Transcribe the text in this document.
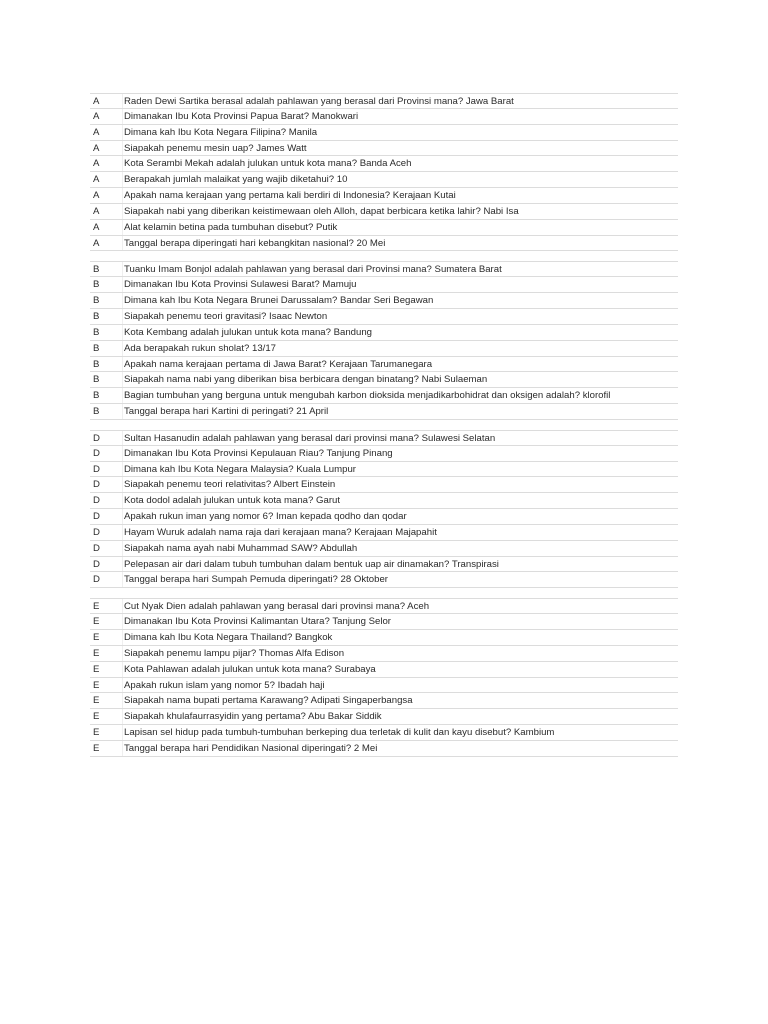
A	Raden Dewi Sartika berasal adalah pahlawan yang berasal dari Provinsi mana? Jawa Barat
A	Dimanakan Ibu Kota Provinsi Papua Barat? Manokwari
A	Dimana kah Ibu Kota Negara Filipina? Manila
A	Siapakah penemu mesin uap? James Watt
A	Kota Serambi Mekah adalah julukan untuk kota mana? Banda Aceh
A	Berapakah jumlah malaikat yang wajib diketahui? 10
A	Apakah nama kerajaan yang pertama kali berdiri di Indonesia? Kerajaan Kutai
A	Siapakah nabi yang diberikan keistimewaan oleh Alloh, dapat berbicara ketika lahir? Nabi Isa
A	Alat kelamin betina pada tumbuhan disebut? Putik
A	Tanggal berapa diperingati hari kebangkitan nasional? 20 Mei
B	Tuanku Imam Bonjol adalah pahlawan yang berasal dari Provinsi mana? Sumatera Barat
B	Dimanakan Ibu Kota Provinsi Sulawesi Barat? Mamuju
B	Dimana kah Ibu Kota Negara Brunei Darussalam? Bandar Seri Begawan
B	Siapakah penemu teori gravitasi? Isaac Newton
B	Kota Kembang adalah julukan untuk kota mana? Bandung
B	Ada berapakah rukun sholat? 13/17
B	Apakah nama kerajaan pertama di Jawa Barat? Kerajaan Tarumanegara
B	Siapakah nama nabi yang diberikan bisa berbicara dengan binatang? Nabi Sulaeman
B	Bagian tumbuhan yang berguna untuk mengubah karbon dioksida menjadikarbohidrat dan oksigen adalah? klorofil
B	Tanggal berapa hari Kartini di peringati? 21 April
D	Sultan Hasanudin adalah pahlawan yang berasal dari provinsi mana? Sulawesi Selatan
D	Dimanakan Ibu Kota Provinsi Kepulauan Riau? Tanjung Pinang
D	Dimana kah Ibu Kota Negara Malaysia? Kuala Lumpur
D	Siapakah penemu teori relativitas? Albert Einstein
D	Kota dodol adalah julukan untuk kota mana? Garut
D	Apakah rukun iman yang nomor 6? Iman kepada qodho dan qodar
D	Hayam Wuruk adalah nama raja dari kerajaan mana? Kerajaan Majapahit
D	Siapakah nama ayah nabi Muhammad SAW? Abdullah
D	Pelepasan air dari dalam tubuh tumbuhan dalam bentuk uap air dinamakan? Transpirasi
D	Tanggal berapa hari Sumpah Pemuda diperingati? 28 Oktober
E	Cut Nyak Dien adalah pahlawan yang berasal dari provinsi mana? Aceh
E	Dimanakan Ibu Kota Provinsi Kalimantan Utara? Tanjung Selor
E	Dimana kah Ibu Kota Negara Thailand? Bangkok
E	Siapakah penemu lampu pijar? Thomas Alfa Edison
E	Kota Pahlawan adalah julukan untuk kota mana? Surabaya
E	Apakah rukun islam yang nomor 5? Ibadah haji
E	Siapakah nama bupati pertama Karawang? Adipati Singaperbangsa
E	Siapakah khulafaurrasyidin yang pertama? Abu Bakar Siddik
E	Lapisan sel hidup pada tumbuh-tumbuhan berkeping dua terletak di kulit dan kayu disebut? Kambium
E	Tanggal berapa hari Pendidikan Nasional diperingati? 2 Mei
